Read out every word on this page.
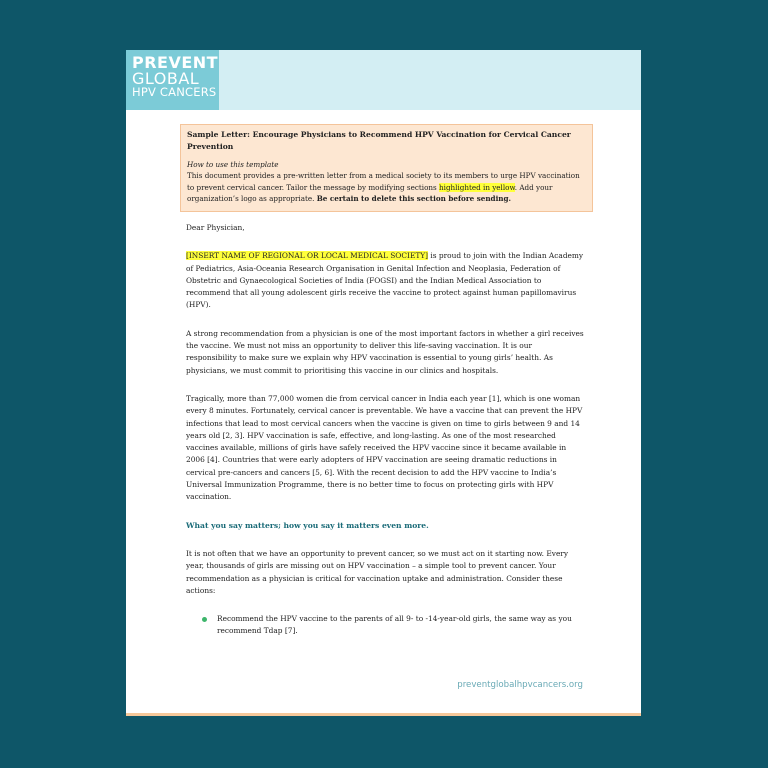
PREVENT
GLOBAL
HPV CANCERS
Sample Letter: Encourage Physicians to Recommend HPV Vaccination for Cervical Cancer Prevention
How to use this template
This document provides a pre-written letter from a medical society to its members to urge HPV vaccination to prevent cervical cancer. Tailor the message by modifying sections highlighted in yellow. Add your organization’s logo as appropriate. Be certain to delete this section before sending.

Dear Physician,

[INSERT NAME OF REGIONAL OR LOCAL MEDICAL SOCIETY] is proud to join with the Indian Academy of Pediatrics, Asia-Oceania Research Organisation in Genital Infection and Neoplasia, Federation of Obstetric and Gynaecological Societies of India (FOGSI) and the Indian Medical Association to recommend that all young adolescent girls receive the vaccine to protect against human papillomavirus (HPV).

A strong recommendation from a physician is one of the most important factors in whether a girl receives the vaccine. We must not miss an opportunity to deliver this life-saving vaccination. It is our responsibility to make sure we explain why HPV vaccination is essential to young girls’ health. As physicians, we must commit to prioritising this vaccine in our clinics and hospitals.

Tragically, more than 77,000 women die from cervical cancer in India each year [1], which is one woman every 8 minutes. Fortunately, cervical cancer is preventable. We have a vaccine that can prevent the HPV infections that lead to most cervical cancers when the vaccine is given on time to girls between 9 and 14 years old [2, 3]. HPV vaccination is safe, effective, and long-lasting. As one of the most researched vaccines available, millions of girls have safely received the HPV vaccine since it became available in 2006 [4]. Countries that were early adopters of HPV vaccination are seeing dramatic reductions in cervical pre-cancers and cancers [5, 6]. With the recent decision to add the HPV vaccine to India’s Universal Immunization Programme, there is no better time to focus on protecting girls with HPV vaccination.

What you say matters; how you say it matters even more.

It is not often that we have an opportunity to prevent cancer, so we must act on it starting now. Every year, thousands of girls are missing out on HPV vaccination – a simple tool to prevent cancer. Your recommendation as a physician is critical for vaccination uptake and administration. Consider these actions:

Recommend the HPV vaccine to the parents of all 9- to -14-year-old girls, the same way as you recommend Tdap [7].
preventglobalhpvcancers.org
